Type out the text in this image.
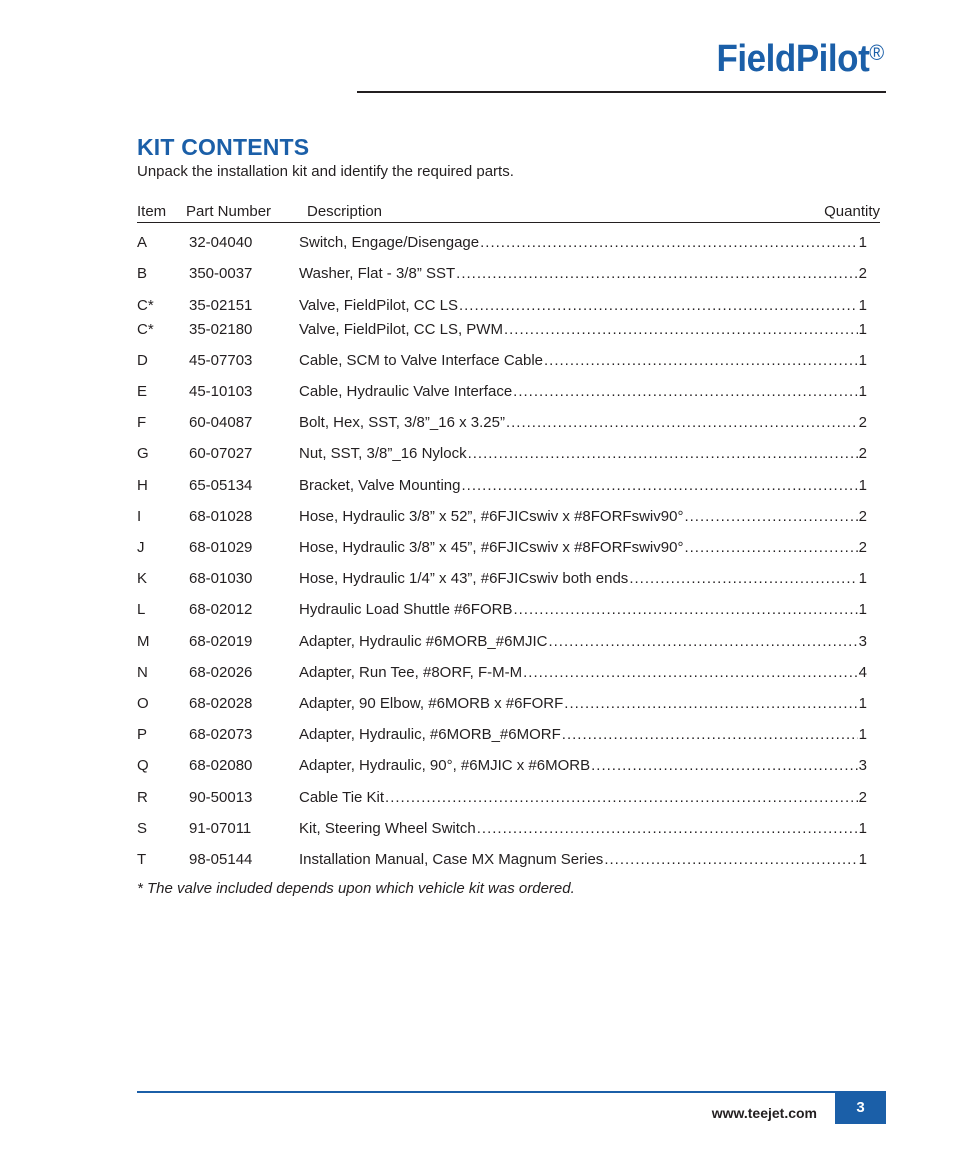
FieldPilot®
KIT CONTENTS
Unpack the installation kit and identify the required parts.
Item Part Number Description	Quantity
A	32-04040	Switch, Engage/Disengage .....	1
B	350-0037	Washer, Flat - 3/8” SST .....	2
C* 35-02151	Valve, FieldPilot, CC LS .....	1
C* 35-02180	Valve, FieldPilot, CC LS, PWM .....	1
D	45-07703	Cable, SCM to Valve Interface Cable .....	1
E	45-10103	Cable, Hydraulic Valve Interface .....	1
F	60-04087	Bolt, Hex, SST, 3/8”_16 x 3.25” .....	2
G	60-07027	Nut, SST, 3/8”_16 Nylock .....	2
H	65-05134	Bracket, Valve Mounting .....	1
I	68-01028	Hose, Hydraulic 3/8” x 52”, #6FJICswiv x #8FORFswiv90° .....	2
J	68-01029	Hose, Hydraulic 3/8” x 45”, #6FJICswiv x #8FORFswiv90° .....	2
K	68-01030	Hose, Hydraulic 1/4” x 43”, #6FJICswiv both ends .....	1
L	68-02012	Hydraulic Load Shuttle #6FORB .....	1
M	68-02019	Adapter, Hydraulic #6MORB_#6MJIC .....	3
N	68-02026	Adapter, Run Tee, #8ORF, F-M-M .....	4
O	68-02028	Adapter, 90 Elbow, #6MORB x #6FORF .....	1
P	68-02073	Adapter, Hydraulic, #6MORB_#6MORF .....	1
Q	68-02080	Adapter, Hydraulic, 90°, #6MJIC x #6MORB .....	3
R	90-50013	Cable Tie Kit .....	2
S	91-07011	Kit, Steering Wheel Switch .....	1
T	98-05144	Installation Manual, Case MX Magnum Series .....	1
* The valve included depends upon which vehicle kit was ordered.
www.teejet.com	3
